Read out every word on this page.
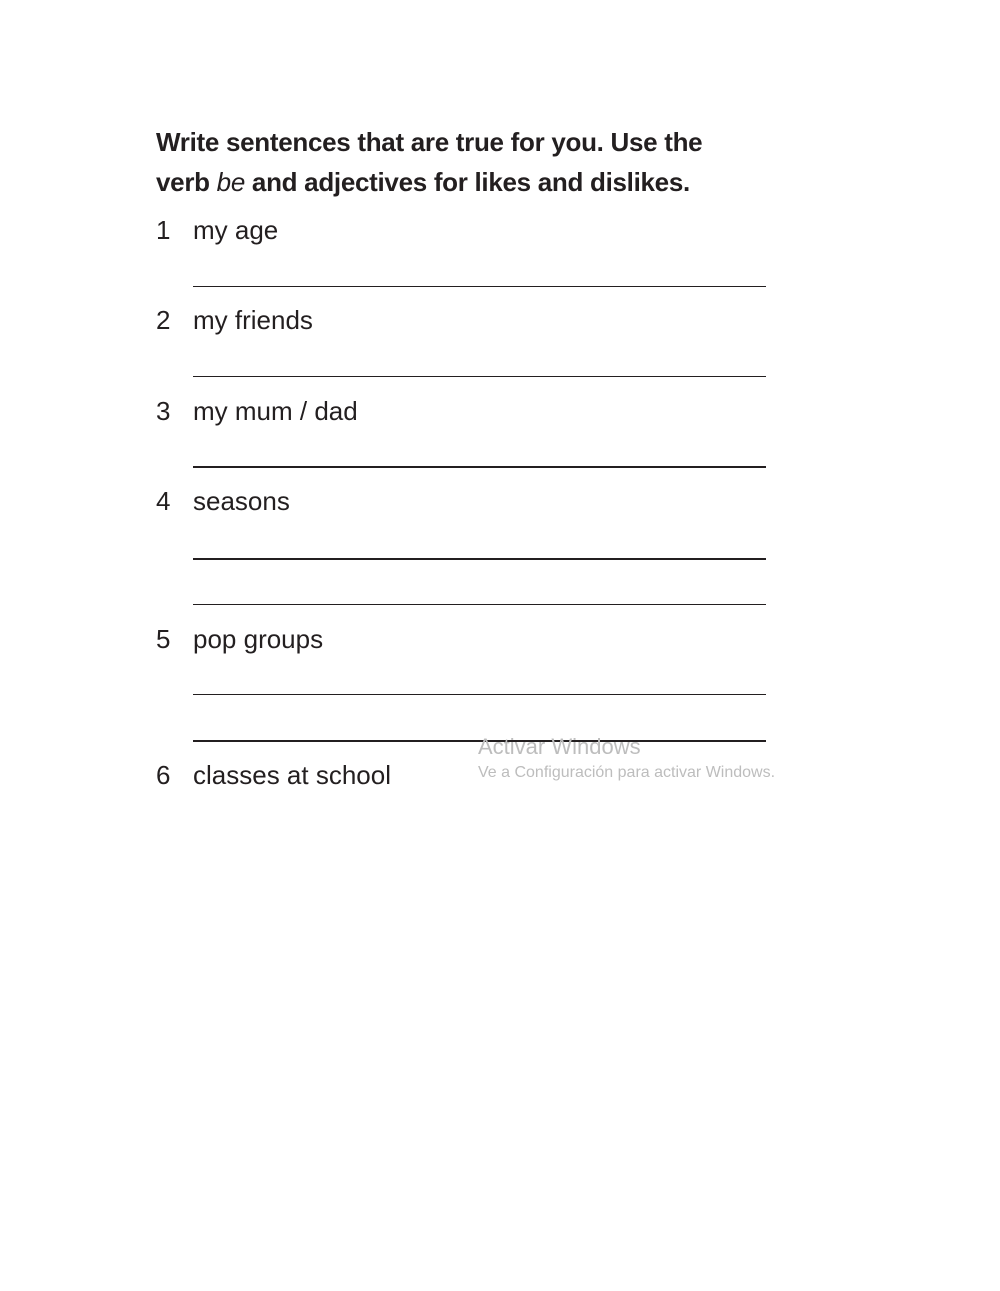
Write sentences that are true for you. Use the
verb be and adjectives for likes and dislikes.

1 my age
2 my friends
3 my mum / dad
4 seasons
5 pop groups
6 classes at school
Activar Windows
Ve a Configuración para activar Windows.
